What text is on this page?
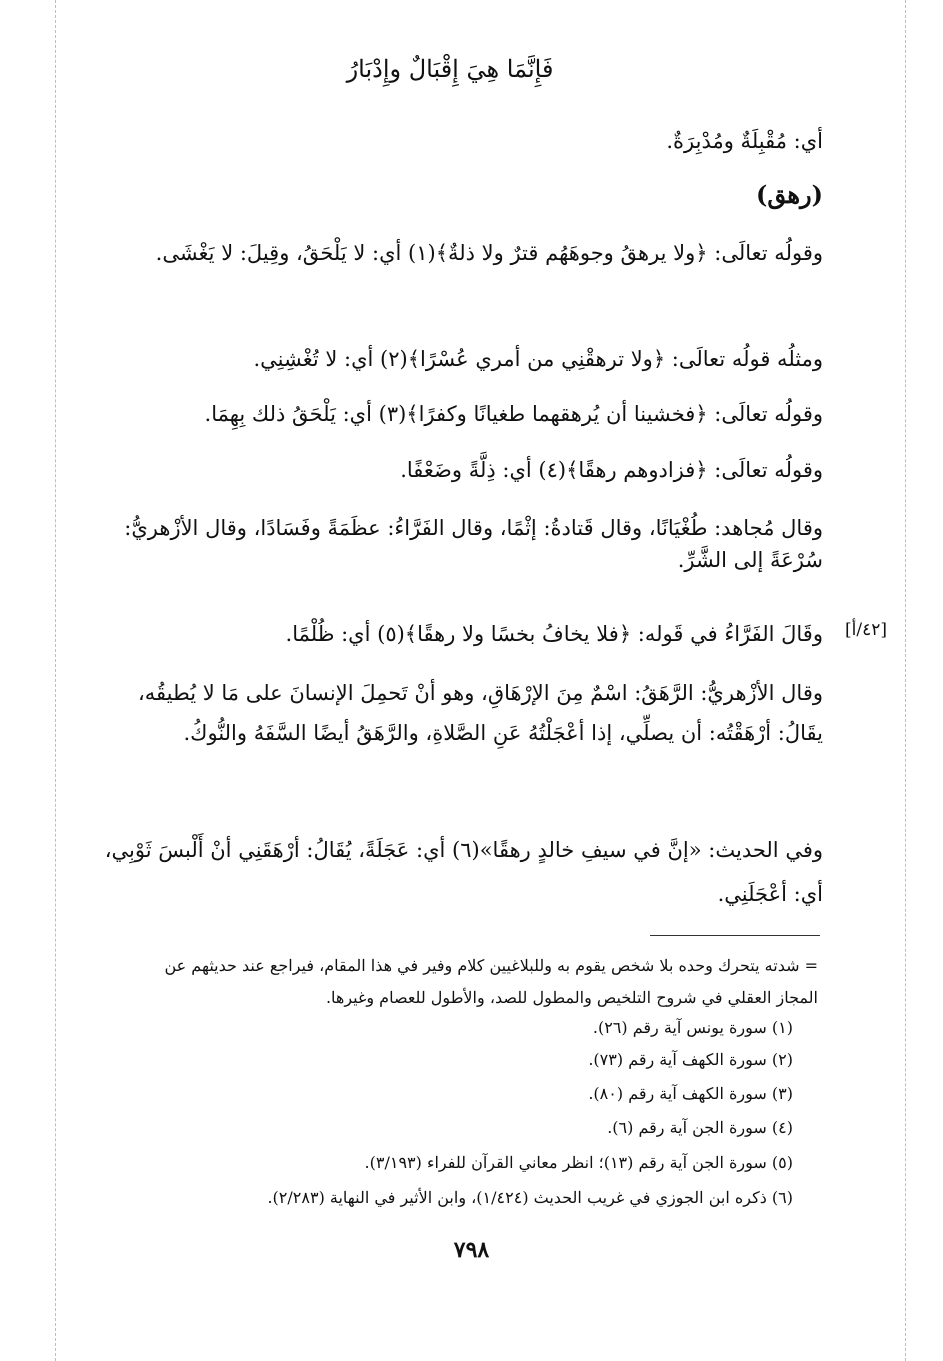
فَإِنَّمَا هِيَ إِقْبَالٌ وإِدْبَارُ
أي: مُقْبِلَةٌ ومُدْبِرَةٌ.
(رهق)
وقولُه تعالَى: ﴿ولا يرهقُ وجوهَهُم قترٌ ولا ذلةٌ﴾(١) أي: لا يَلْحَقُ، وقِيلَ: لا يَغْشَى.
ومثلُه قولُه تعالَى: ﴿ولا ترهقْنِي من أمري عُسْرًا﴾(٢) أي: لا تُغْشِنِي.
وقولُه تعالَى: ﴿فخشينا أن يُرهقهما طغيانًا وكفرًا﴾(٣) أي: يَلْحَقُ ذلك بِهِمَا.
وقولُه تعالَى: ﴿فزادوهم رهقًا﴾(٤) أي: ذِلَّةً وضَعْفًا.
وقال مُجاهد: طُغْيَانًا، وقال قَتادةُ: إثْمًا، وقال الفَرَّاءُ: عظَمَةً وفَسَادًا، وقال الأزْهريُّ: سُرْعَةً إلى الشَّرِّ.
[٤٢/أ]
وقَالَ الفَرَّاءُ في قَوله: ﴿فلا يخافُ بخسًا ولا رهقًا﴾(٥) أي: ظُلْمًا.
وقال الأزْهريُّ: الرَّهَقُ: اسْمٌ مِنَ الإرْهَاقِ، وهو أنْ تَحمِلَ الإنسانَ على مَا لا يُطيقُه، يقَالُ: أرْهَقْتُه: أن يصلِّي، إذا أعْجَلْتُهُ عَنِ الصَّلاةِ، والرَّهَقُ أيضًا السَّفَهُ والنُّوكُ.
وفي الحديث: «إنَّ في سيفِ خالدٍ رهقًا»(٦) أي: عَجَلَةً، يُقَالُ: أرْهَقَنِي أنْ أَلْبسَ ثَوْبِي، أي: أعْجَلَنِي.
= شدته يتحرك وحده بلا شخص يقوم به وللبلاغيين كلام وفير في هذا المقام، فيراجع عند حديثهم عن المجاز العقلي في شروح التلخيص والمطول للصد، والأطول للعصام وغيرها.
(١) سورة يونس آية رقم (٢٦).
(٢) سورة الكهف آية رقم (٧٣).
(٣) سورة الكهف آية رقم (٨٠).
(٤) سورة الجن آية رقم (٦).
(٥) سورة الجن آية رقم (١٣)؛ انظر معاني القرآن للفراء (٣/١٩٣).
(٦) ذكره ابن الجوزي في غريب الحديث (١/٤٢٤)، وابن الأثير في النهاية (٢/٢٨٣).
٧٩٨
